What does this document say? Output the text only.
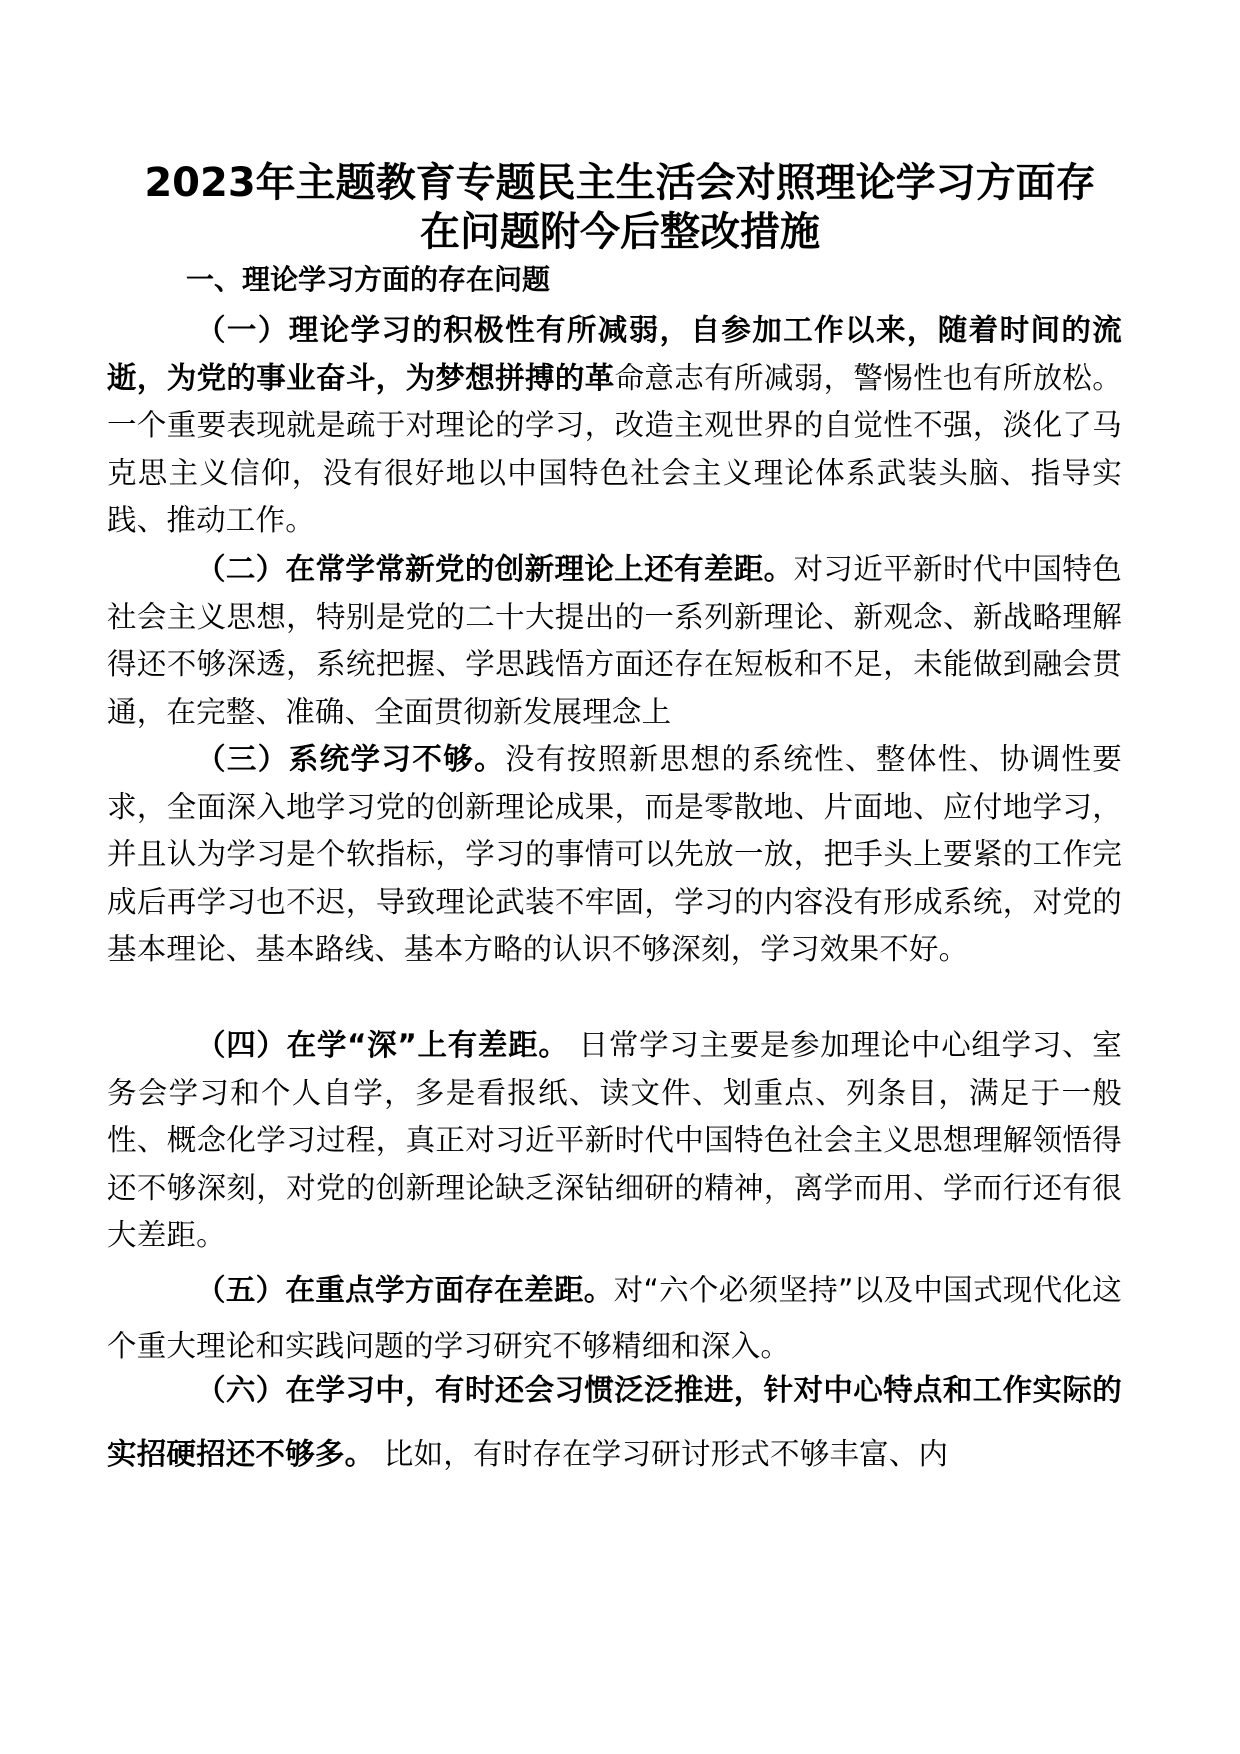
2023年主题教育专题民主生活会对照理论学习方面存
在问题附今后整改措施
一、理论学习方面的存在问题

（一）理论学习的积极性有所减弱，自参加工作以来，随着时间的流逝，为党的事业奋斗，为梦想拼搏的革命意志有所减弱，警惕性也有所放松。一个重要表现就是疏于对理论的学习，改造主观世界的自觉性不强，淡化了马克思主义信仰，没有很好地以中国特色社会主义理论体系武装头脑、指导实践、推动工作。

（二）在常学常新党的创新理论上还有差距。对习近平新时代中国特色社会主义思想，特别是党的二十大提出的一系列新理论、新观念、新战略理解得还不够深透，系统把握、学思践悟方面还存在短板和不足，未能做到融会贯通，在完整、准确、全面贯彻新发展理念上

（三）系统学习不够。没有按照新思想的系统性、整体性、协调性要求，全面深入地学习党的创新理论成果，而是零散地、片面地、应付地学习，并且认为学习是个软指标，学习的事情可以先放一放，把手头上要紧的工作完成后再学习也不迟，导致理论武装不牢固，学习的内容没有形成系统，对党的基本理论、基本路线、基本方略的认识不够深刻，学习效果不好。

（四）在学“深”上有差距。 日常学习主要是参加理论中心组学习、室务会学习和个人自学，多是看报纸、读文件、划重点、列条目，满足于一般性、概念化学习过程，真正对习近平新时代中国特色社会主义思想理解领悟得还不够深刻，对党的创新理论缺乏深钻细研的精神，离学而用、学而行还有很大差距。

（五）在重点学方面存在差距。对“六个必须坚持”以及中国式现代化这个重大理论和实践问题的学习研究不够精细和深入。

（六）在学习中，有时还会习惯泛泛推进，针对中心特点和工作实际的实招硬招还不够多。 比如，有时存在学习研讨形式不够丰富、内
